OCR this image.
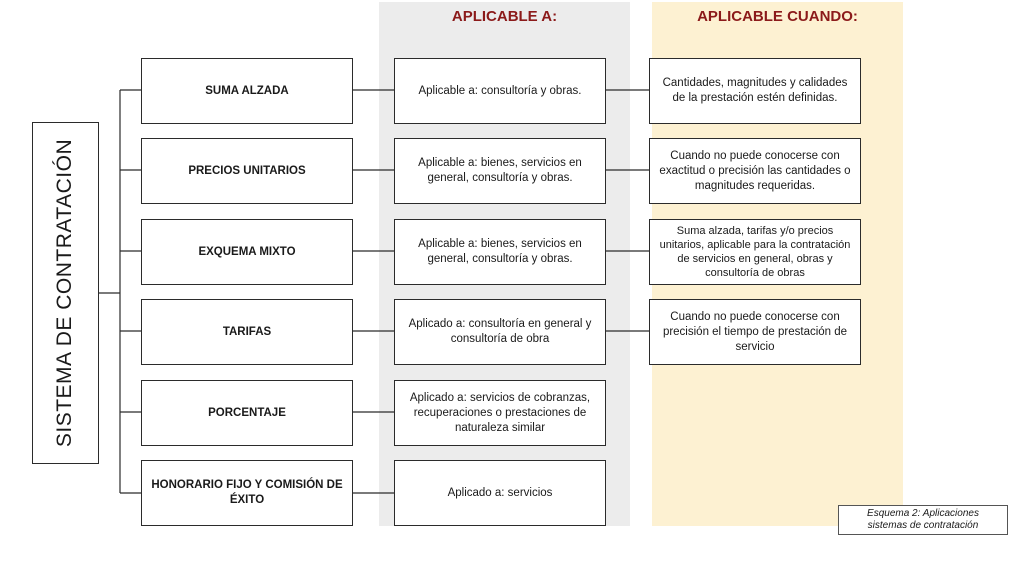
APLICABLE A:	APLICABLE CUANDO:
SISTEMA DE CONTRATACIÓN
SUMA ALZADA
PRECIOS UNITARIOS
EXQUEMA MIXTO
TARIFAS
PORCENTAJE
HONORARIO FIJO Y COMISIÓN DE ÉXITO
Aplicable a: consultoría y obras.
Aplicable a: bienes, servicios en general, consultoría y obras.
Aplicable a: bienes, servicios en general, consultoría y obras.
Aplicado a: consultoría en general y consultoría de obra
Aplicado a: servicios de cobranzas, recuperaciones o prestaciones de naturaleza similar
Aplicado a: servicios
Cantidades, magnitudes y calidades de la prestación estén definidas.
Cuando no puede conocerse con exactitud o precisión las cantidades o magnitudes requeridas.
Suma alzada, tarifas y/o precios unitarios, aplicable para la contratación de servicios en general, obras y consultoría de obras
Cuando no puede conocerse con precisión el tiempo de prestación de servicio
Esquema 2: Aplicaciones
sistemas de contratación
